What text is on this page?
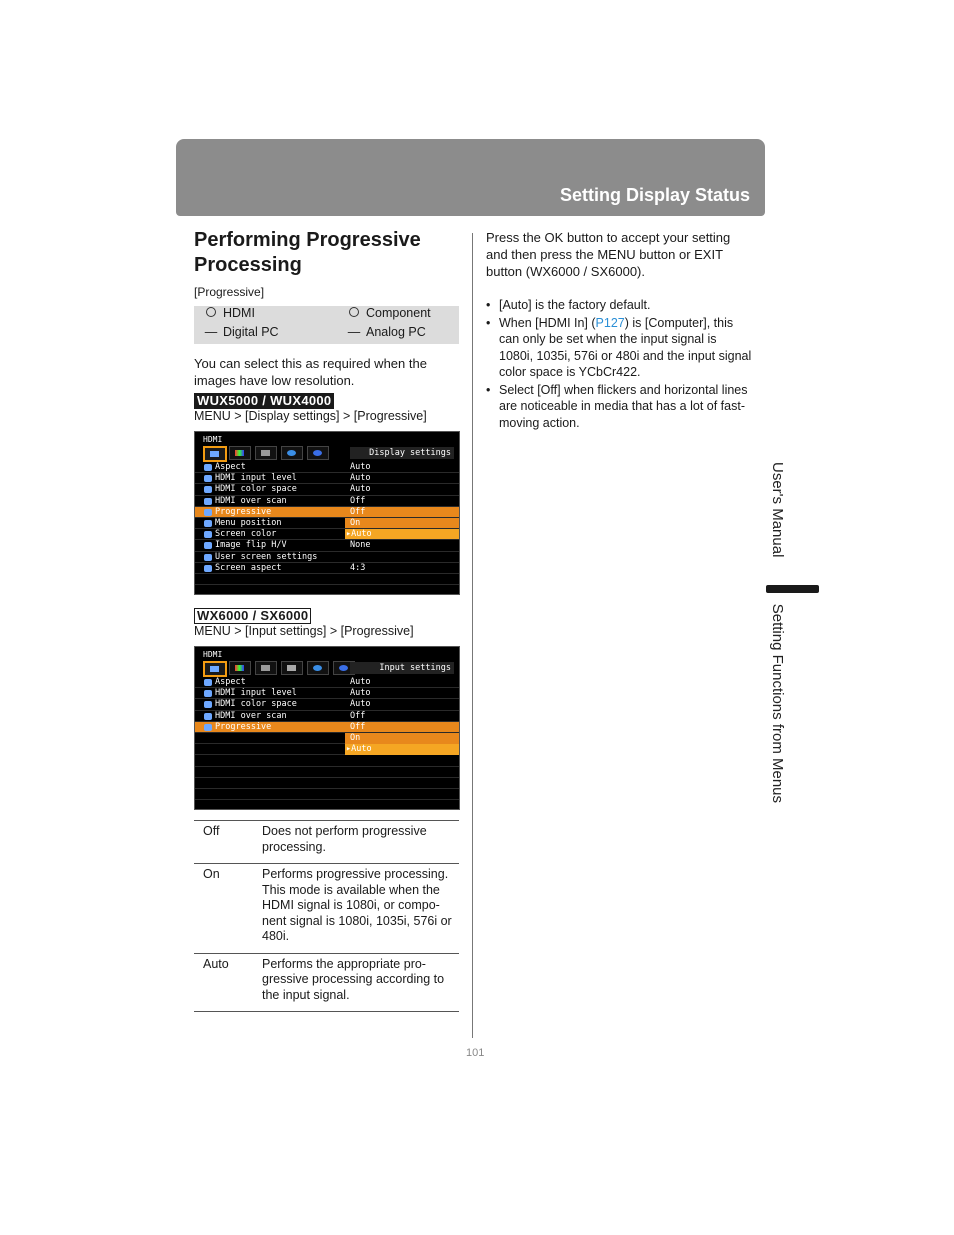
Setting Display Status
Performing Progressive Processing
[Progressive]
HDMI	Component
— Digital PC	— Analog PC
You can select this as required when the images have low resolution.
WUX5000 / WUX4000
MENU > [Display settings] > [Progressive]
HDMI
Display settings
Aspect	Auto
HDMI input level	Auto
HDMI color space	Auto
HDMI over scan	Off
Progressive	Off
Menu position	On
Screen color	▸Auto
Image flip H/V	None
User screen settings
Screen aspect	4:3
WX6000 / SX6000
MENU > [Input settings] > [Progressive]
HDMI
Input settings
Aspect	Auto
HDMI input level	Auto
HDMI color space	Auto
HDMI over scan	Off
Progressive	Off
On
▸Auto
Off	Does not perform progressive processing.
On	Performs progressive processing. This mode is available when the HDMI signal is 1080i, or compo-nent signal is 1080i, 1035i, 576i or 480i.
Auto	Performs the appropriate pro-gressive processing according to the input signal.
Press the OK button to accept your setting and then press the MENU button or EXIT button (WX6000 / SX6000).
• [Auto] is the factory default.
• When [HDMI In] (P127) is [Computer], this can only be set when the input signal is 1080i, 1035i, 576i or 480i and the input signal color space is YCbCr422.
• Select [Off] when flickers and horizontal lines are noticeable in media that has a lot of fast-moving action.
User's Manual  Setting Functions from Menus
101
